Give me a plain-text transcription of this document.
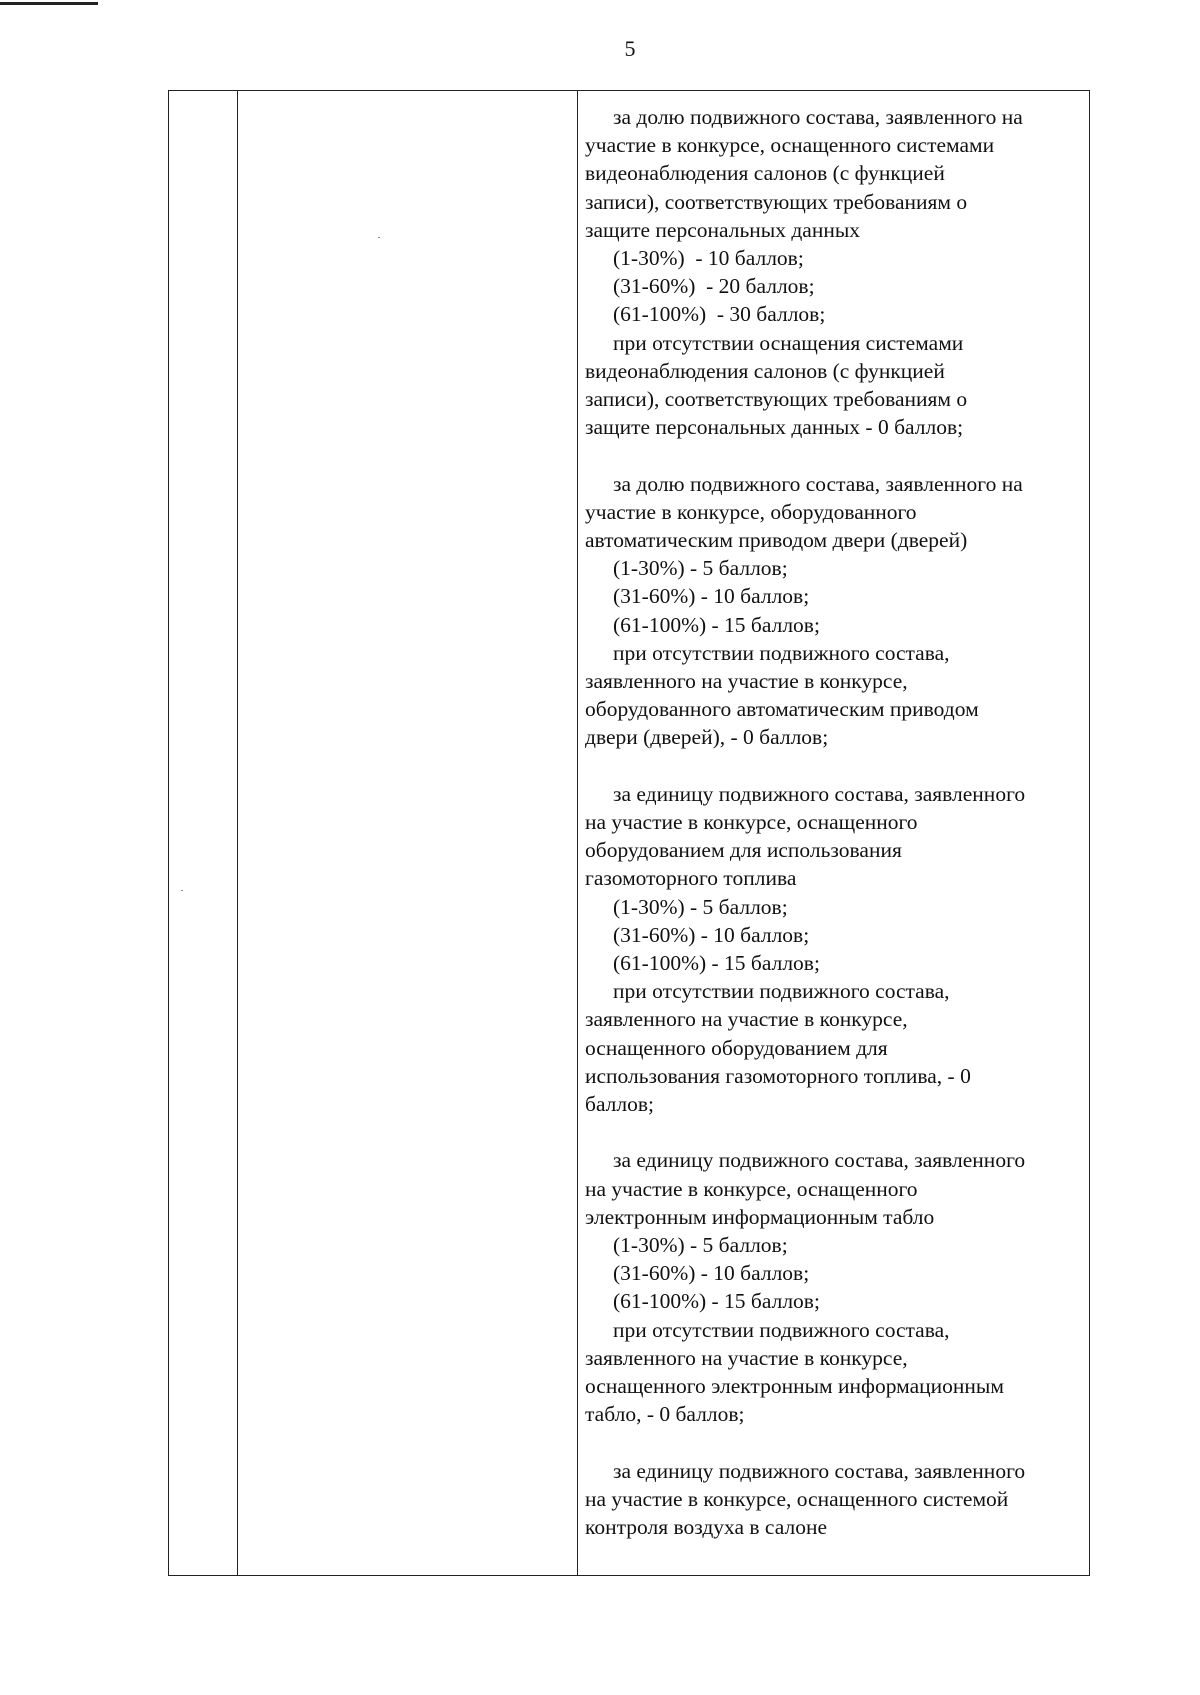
5
за долю подвижного состава, заявленного на
участие в конкурсе, оснащенного системами
видеонаблюдения салонов (с функцией
записи), соответствующих требованиям о
защите персональных данных
(1-30%)  - 10 баллов;
(31-60%)  - 20 баллов;
(61-100%)  - 30 баллов;
при отсутствии оснащения системами
видеонаблюдения салонов (с функцией
записи), соответствующих требованиям о
защите персональных данных - 0 баллов;
за долю подвижного состава, заявленного на
участие в конкурсе, оборудованного
автоматическим приводом двери (дверей)
(1-30%) - 5 баллов;
(31-60%) - 10 баллов;
(61-100%) - 15 баллов;
при отсутствии подвижного состава,
заявленного на участие в конкурсе,
оборудованного автоматическим приводом
двери (дверей), - 0 баллов;
за единицу подвижного состава, заявленного
на участие в конкурсе, оснащенного
оборудованием для использования
газомоторного топлива
(1-30%) - 5 баллов;
(31-60%) - 10 баллов;
(61-100%) - 15 баллов;
при отсутствии подвижного состава,
заявленного на участие в конкурсе,
оснащенного оборудованием для
использования газомоторного топлива, - 0
баллов;
за единицу подвижного состава, заявленного
на участие в конкурсе, оснащенного
электронным информационным табло
(1-30%) - 5 баллов;
(31-60%) - 10 баллов;
(61-100%) - 15 баллов;
при отсутствии подвижного состава,
заявленного на участие в конкурсе,
оснащенного электронным информационным
табло, - 0 баллов;
за единицу подвижного состава, заявленного
на участие в конкурсе, оснащенного системой
контроля воздуха в салоне
